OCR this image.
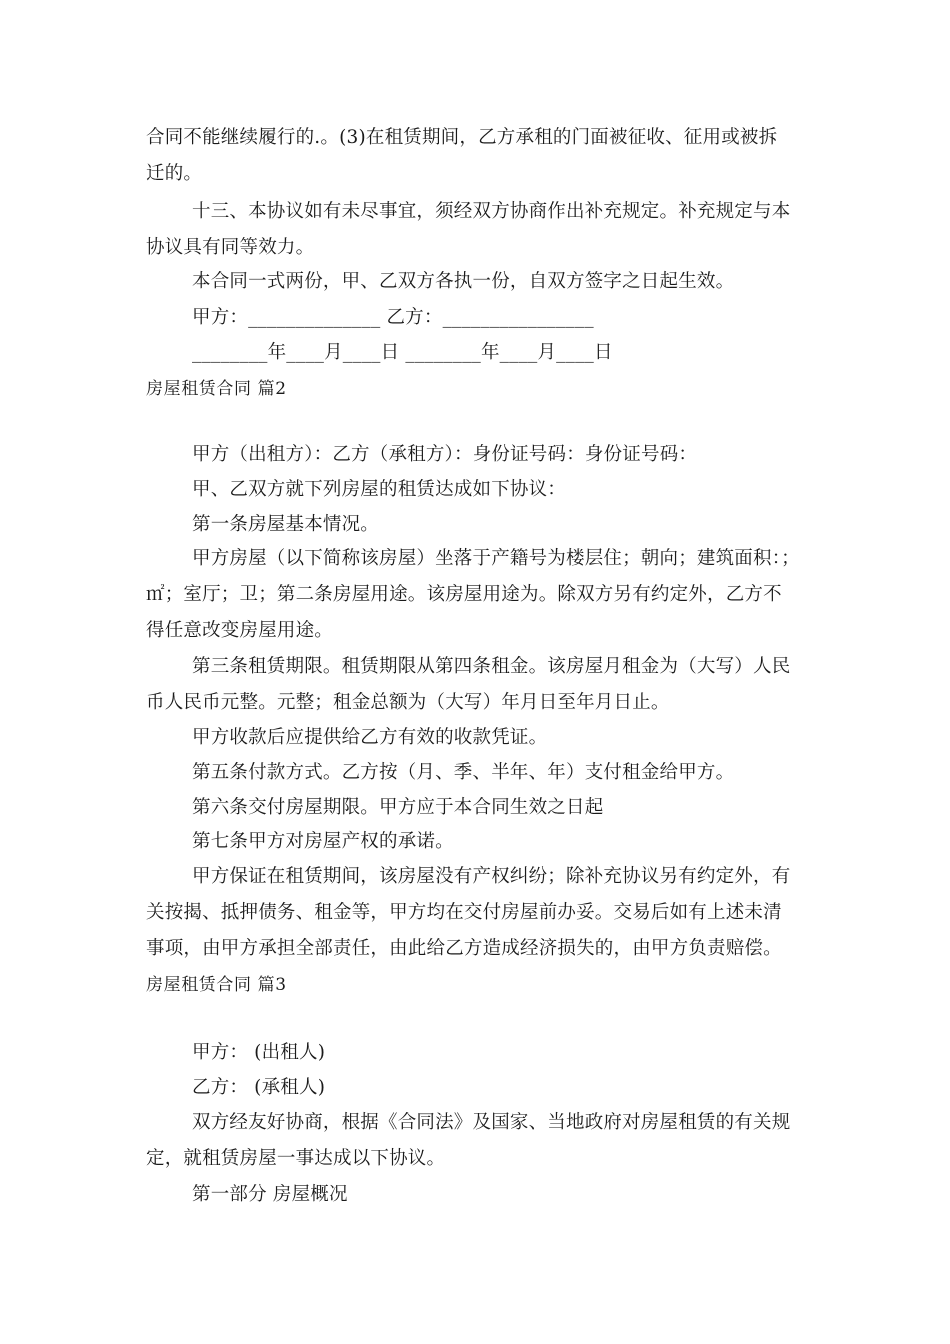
合同不能继续履行的.。(3)在租赁期间，乙方承租的门面被征收、征用或被拆
迁的。
十三、本协议如有未尽事宜，须经双方协商作出补充规定。补充规定与本
协议具有同等效力。
本合同一式两份，甲、乙双方各执一份，自双方签字之日起生效。
甲方：______________ 乙方：________________
________年____月____日 ________年____月____日
房屋租赁合同 篇2
甲方（出租方）：乙方（承租方）：身份证号码：身份证号码：
甲、乙双方就下列房屋的租赁达成如下协议：
第一条房屋基本情况。
甲方房屋（以下简称该房屋）坐落于产籍号为楼层住；朝向；建筑面积：；
㎡；室厅；卫；第二条房屋用途。该房屋用途为。除双方另有约定外，乙方不
得任意改变房屋用途。
第三条租赁期限。租赁期限从第四条租金。该房屋月租金为（大写）人民
币人民币元整。元整；租金总额为（大写）年月日至年月日止。
甲方收款后应提供给乙方有效的收款凭证。
第五条付款方式。乙方按（月、季、半年、年）支付租金给甲方。
第六条交付房屋期限。甲方应于本合同生效之日起
第七条甲方对房屋产权的承诺。
甲方保证在租赁期间，该房屋没有产权纠纷；除补充协议另有约定外，有
关按揭、抵押债务、租金等，甲方均在交付房屋前办妥。交易后如有上述未清
事项，由甲方承担全部责任，由此给乙方造成经济损失的，由甲方负责赔偿。
房屋租赁合同 篇3
甲方： (出租人)
乙方： (承租人)
双方经友好协商，根据《合同法》及国家、当地政府对房屋租赁的有关规
定，就租赁房屋一事达成以下协议。
第一部分 房屋概况
